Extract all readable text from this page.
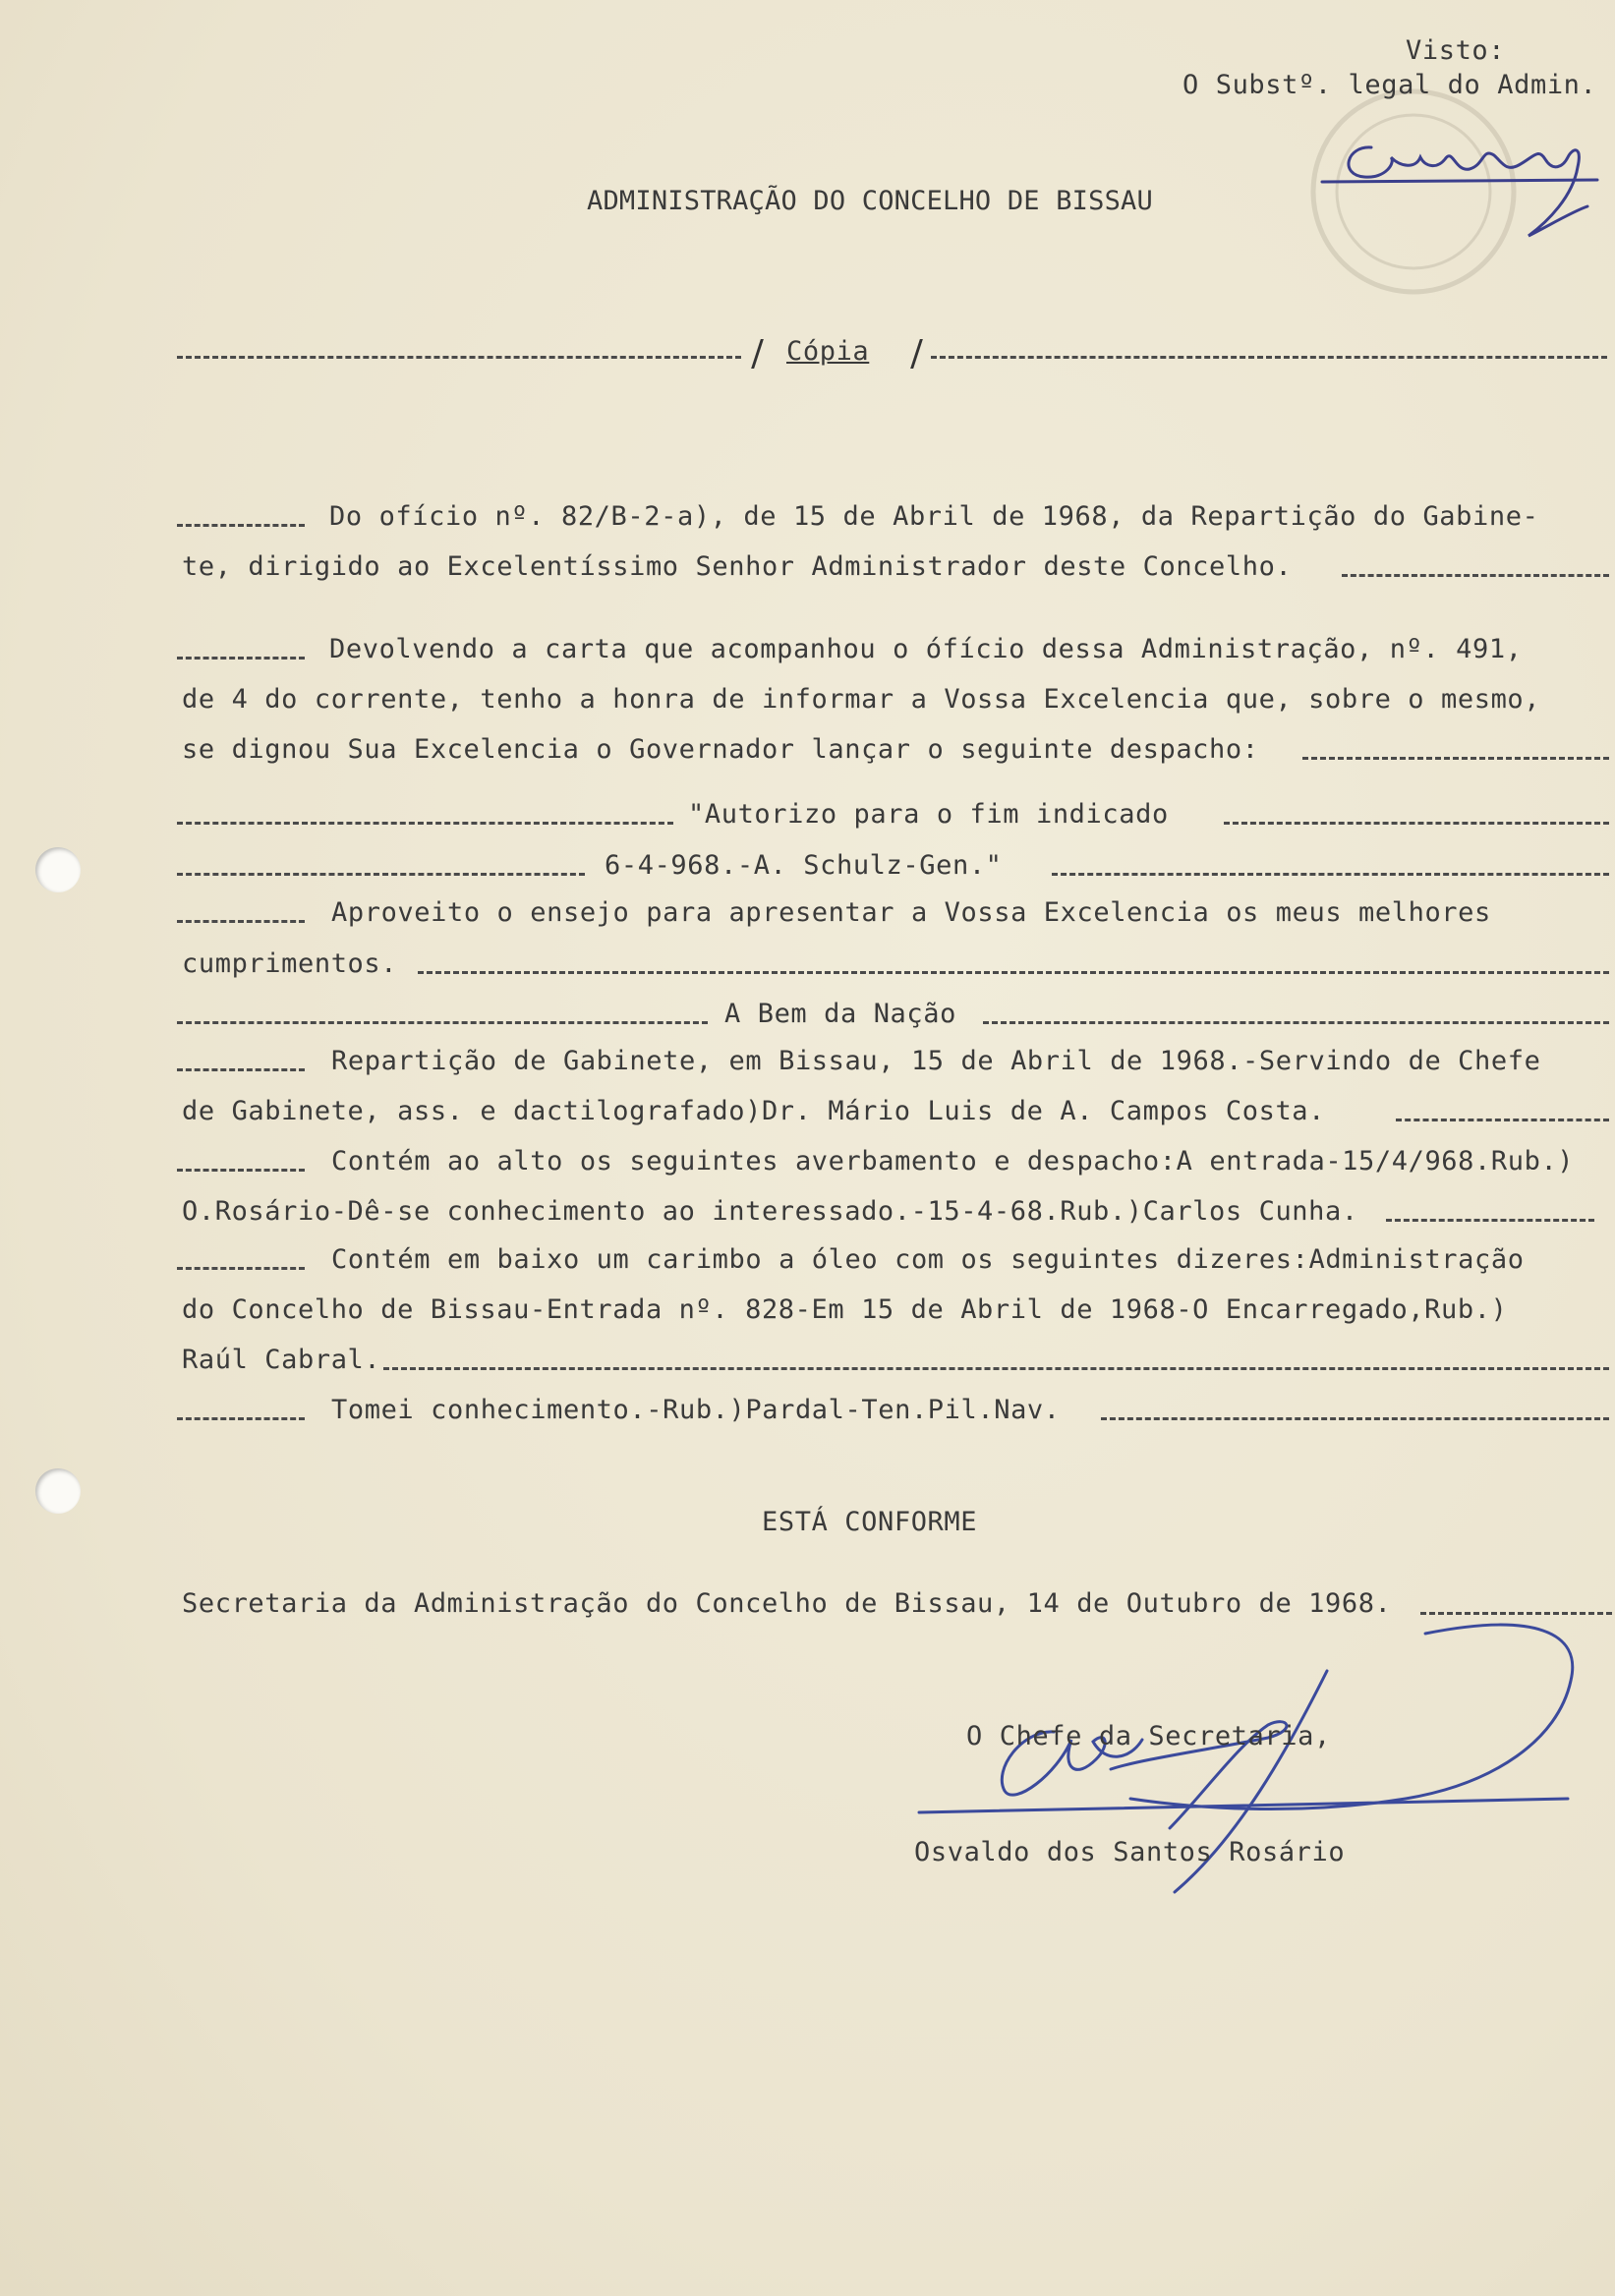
Visto:
O Substº. legal do Admin.
ADMINISTRAÇÃO DO CONCELHO DE BISSAU
Cópia
Do ofício nº. 82/B-2-a), de 15 de Abril de 1968, da Repartição do Gabine-
te, dirigido ao Excelentíssimo Senhor Administrador deste Concelho.
Devolvendo a carta que acompanhou o ófício dessa Administração, nº. 491,
de 4 do corrente, tenho a honra de informar a Vossa Excelencia que, sobre o mesmo,
se dignou Sua Excelencia o Governador lançar o seguinte despacho:
"Autorizo para o fim indicado
6-4-968.-A. Schulz-Gen."
Aproveito o ensejo para apresentar a Vossa Excelencia os meus melhores
cumprimentos.
A Bem da Nação
Repartição de Gabinete, em Bissau, 15 de Abril de 1968.-Servindo de Chefe
de Gabinete, ass. e dactilografado)Dr. Mário Luis de A. Campos Costa.
Contém ao alto os seguintes averbamento e despacho:A entrada-15/4/968.Rub.)
O.Rosário-Dê-se conhecimento ao interessado.-15-4-68.Rub.)Carlos Cunha.
Contém em baixo um carimbo a óleo com os seguintes dizeres:Administração
do Concelho de Bissau-Entrada nº. 828-Em 15 de Abril de 1968-O Encarregado,Rub.)
Raúl Cabral.
Tomei conhecimento.-Rub.)Pardal-Ten.Pil.Nav.
ESTÁ CONFORME
Secretaria da Administração do Concelho de Bissau, 14 de Outubro de 1968.
O Chefe da Secretaria,
Osvaldo dos Santos Rosário
